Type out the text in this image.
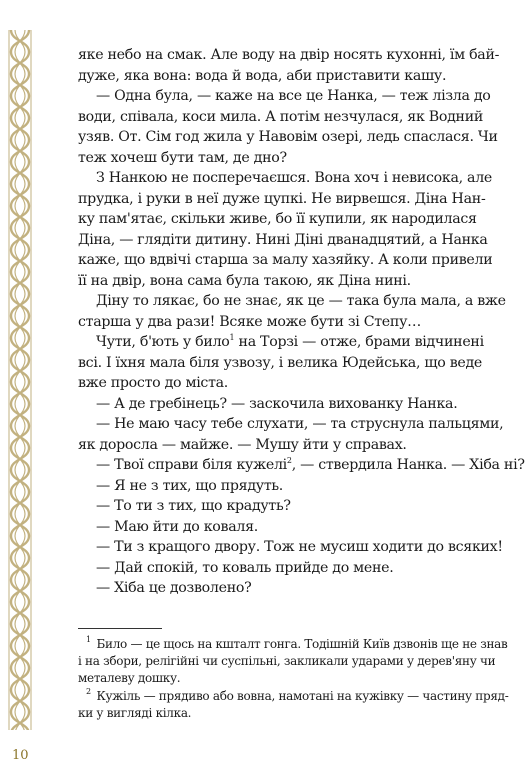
яке небо на смак. Але воду на двір носять кухонні, їм бай-
дуже, яка вона: вода й вода, аби приставити кашу.
— Одна була, — каже на все це Нанка, — теж лізла до
води, співала, коси мила. А потім незчулася, як Водний
узяв. От. Сім год жила у Навовім озері, ледь спаслася. Чи
теж хочеш бути там, де дно?
З Нанкою не посперечаєшся. Вона хоч і невисока, але
прудка, і руки в неї дуже цупкі. Не вирвешся. Діна Нан-
ку пам'ятає, скільки живе, бо її купили, як народилася
Діна, — глядіти дитину. Нині Діні дванадцятий, а Нанка
каже, що вдвічі старша за малу хазяйку. А коли привели
її на двір, вона сама була такою, як Діна нині.
Діну то лякає, бо не знає, як це — така була мала, а вже
старша у два рази! Всяке може бути зі Степу…
Чути, б'ють у било$^1$ на Торзі — отже, брами відчинені
всі. І їхня мала біля узвозу, і велика Юдейська, що веде
вже просто до міста.
— А де гребінець? — заскочила вихованку Нанка.
— Не маю часу тебе слухати, — та струснула пальцями,
як доросла — майже. — Мушу йти у справах.
— Твої справи біля кужелі$^2$, — ствердила Нанка. — Хіба ні?
— Я не з тих, що прядуть.
— То ти з тих, що крадуть?
— Маю йти до коваля.
— Ти з кращого двору. Тож не мусиш ходити до всяких!
— Дай спокій, то коваль прийде до мене.
— Хіба це дозволено?
$^1$ Било — це щось на кшталт гонга. Тодішній Київ дзвонів ще не знав
і на збори, релігійні чи суспільні, закликали ударами у дерев'яну чи
металеву дошку.
$^2$ Кужіль — прядиво або вовна, намотані на кужівку — частину пряд-
ки у вигляді кілка.
10
